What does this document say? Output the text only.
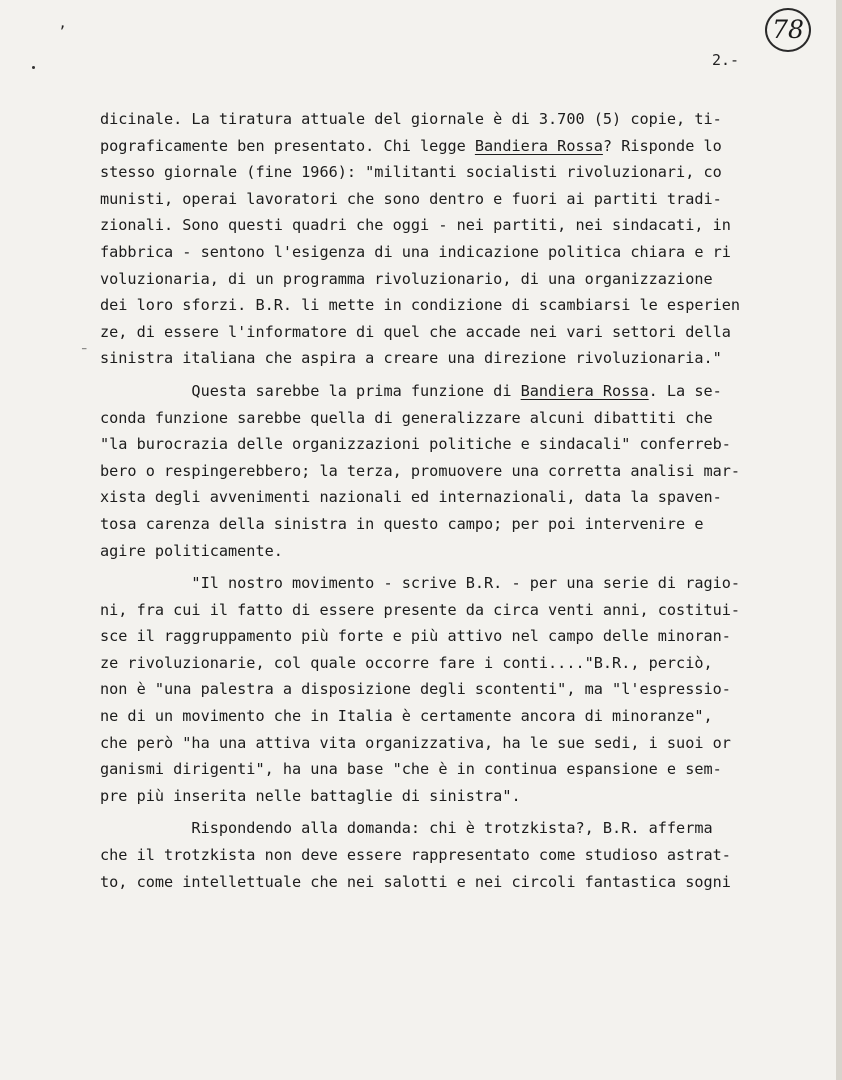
ʼ	78
2.-
⁻
dicinale. La tiratura attuale del giornale è di 3.700 (5) copie, ti-
pograficamente ben presentato. Chi legge Bandiera Rossa? Risponde lo
stesso giornale (fine 1966): "militanti socialisti rivoluzionari, co
munisti, operai lavoratori che sono dentro e fuori ai partiti tradi-
zionali. Sono questi quadri che oggi - nei partiti, nei sindacati, in
fabbrica - sentono l'esigenza di una indicazione politica chiara e ri
voluzionaria, di un programma rivoluzionario, di una organizzazione
dei loro sforzi. B.R. li mette in condizione di scambiarsi le esperien
ze, di essere l'informatore di quel che accade nei vari settori della
sinistra italiana che aspira a creare una direzione rivoluzionaria."
Questa sarebbe la prima funzione di Bandiera Rossa. La se-
conda funzione sarebbe quella di generalizzare alcuni dibattiti che
"la burocrazia delle organizzazioni politiche e sindacali" conferreb-
bero o respingerebbero; la terza, promuovere una corretta analisi mar-
xista degli avvenimenti nazionali ed internazionali, data la spaven-
tosa carenza della sinistra in questo campo; per poi intervenire e
agire politicamente.
"Il nostro movimento - scrive B.R. - per una serie di ragio-
ni, fra cui il fatto di essere presente da circa venti anni, costitui-
sce il raggruppamento più forte e più attivo nel campo delle minoran-
ze rivoluzionarie, col quale occorre fare i conti...."B.R., perciò,
non è "una palestra a disposizione degli scontenti", ma "l'espressio-
ne di un movimento che in Italia è certamente ancora di minoranze",
che però "ha una attiva vita organizzativa, ha le sue sedi, i suoi or
ganismi dirigenti", ha una base "che è in continua espansione e sem-
pre più inserita nelle battaglie di sinistra".
Rispondendo alla domanda: chi è trotzkista?, B.R. afferma
che il trotzkista non deve essere rappresentato come studioso astrat-
to, come intellettuale che nei salotti e nei circoli fantastica sogni
